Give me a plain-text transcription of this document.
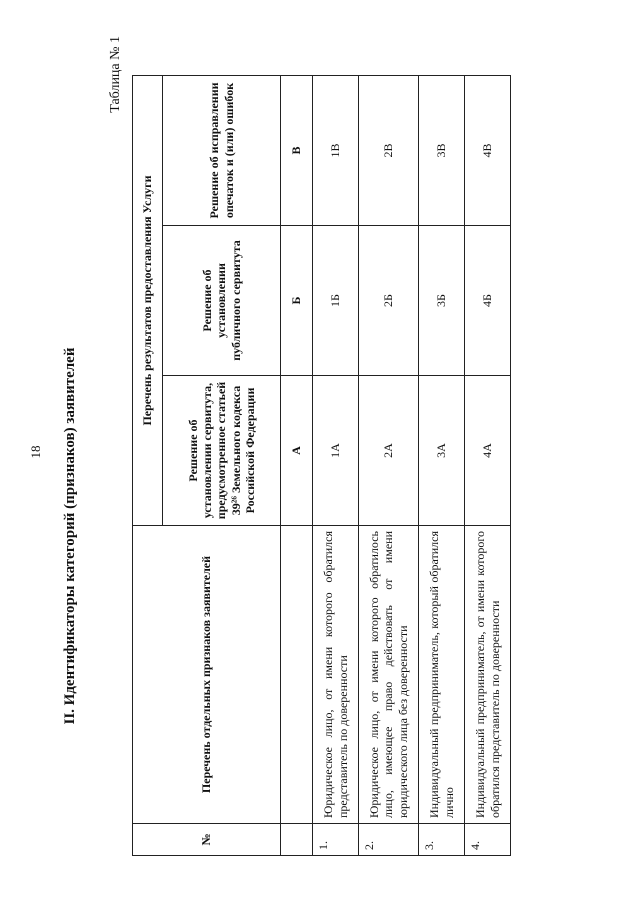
18 II. Идентификаторы категорий (признаков) заявителей
Таблица № 1
№	Перечень отдельных признаков заявителей	Перечень результатов предоставления Услуги		
		Решение об установлении сервитута, предусмотренное статьей 39²⁶ Земельного кодекса Российской Федерации	Решение об установлении публичного сервитута	Решение об исправлении опечаток и (или) ошибок
		А	Б	В
1.	Юридическое лицо, от имени которого обратился представитель по доверенности	1А	1Б	1В
2.	Юридическое лицо, от имени которого обратилось лицо, имеющее право действовать от имени юридического лица без доверенности	2А	2Б	2В
3.	Индивидуальный предприниматель, который обратился лично	3А	3Б	3В
4.	Индивидуальный предприниматель, от имени которого обратился представитель по доверенности	4А	4Б	4В
